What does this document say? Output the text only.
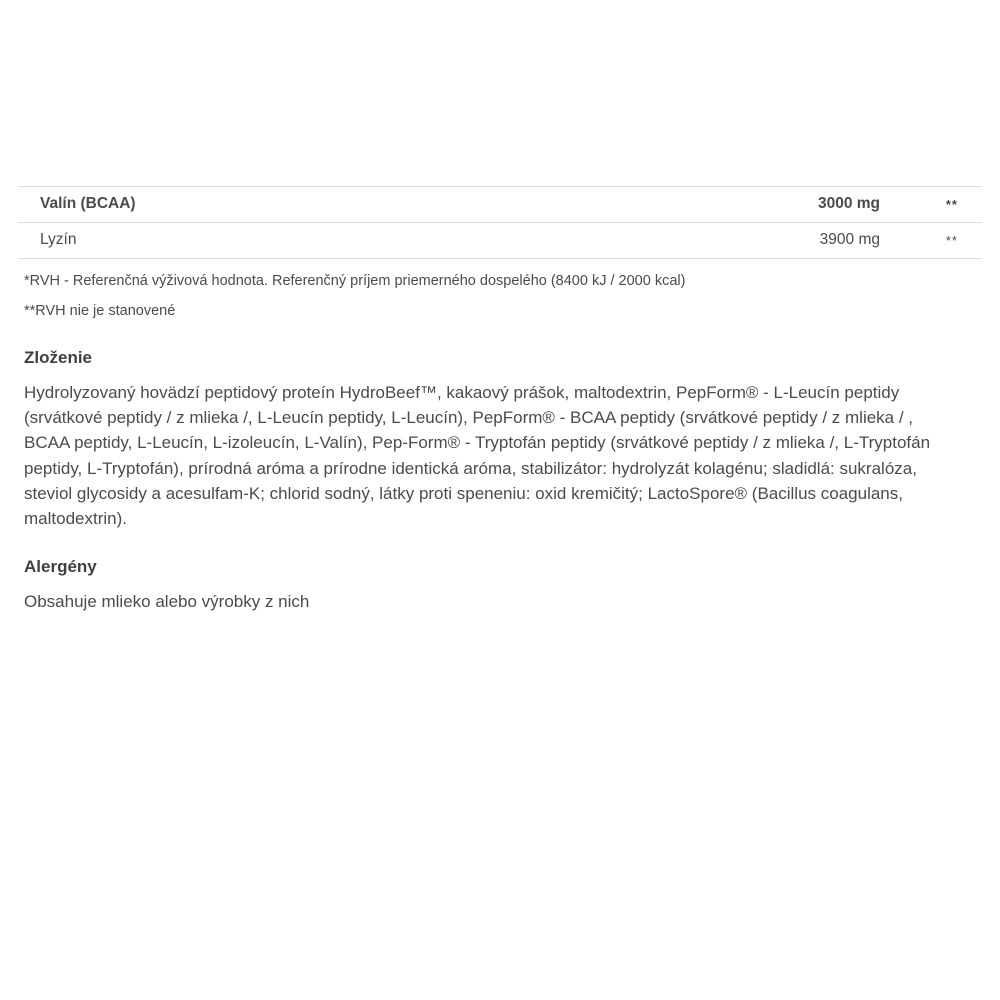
Valín (BCAA)	3000 mg	**
Lyzín	3900 mg	**

*RVH - Referenčná výživová hodnota. Referenčný príjem priemerného dospelého (8400 kJ / 2000 kcal)

**RVH nie je stanovené

Zloženie

Hydrolyzovaný hovädzí peptidový proteín HydroBeef™, kakaový prášok, maltodextrin, PepForm® - L-Leucín peptidy (srvátkové peptidy / z mlieka /, L-Leucín peptidy, L-Leucín), PepForm® - BCAA peptidy (srvátkové peptidy / z mlieka / , BCAA peptidy, L-Leucín, L-izoleucín, L-Valín), Pep-Form® - Tryptofán peptidy (srvátkové peptidy / z mlieka /, L-Tryptofán peptidy, L-Tryptofán), prírodná aróma a prírodne identická aróma, stabilizátor: hydrolyzát kolagénu; sladidlá: sukralóza, steviol glycosidy a acesulfam-K; chlorid sodný, látky proti speneniu: oxid kremičitý; LactoSpore® (Bacillus coagulans, maltodextrin).

Alergény

Obsahuje mlieko alebo výrobky z nich
